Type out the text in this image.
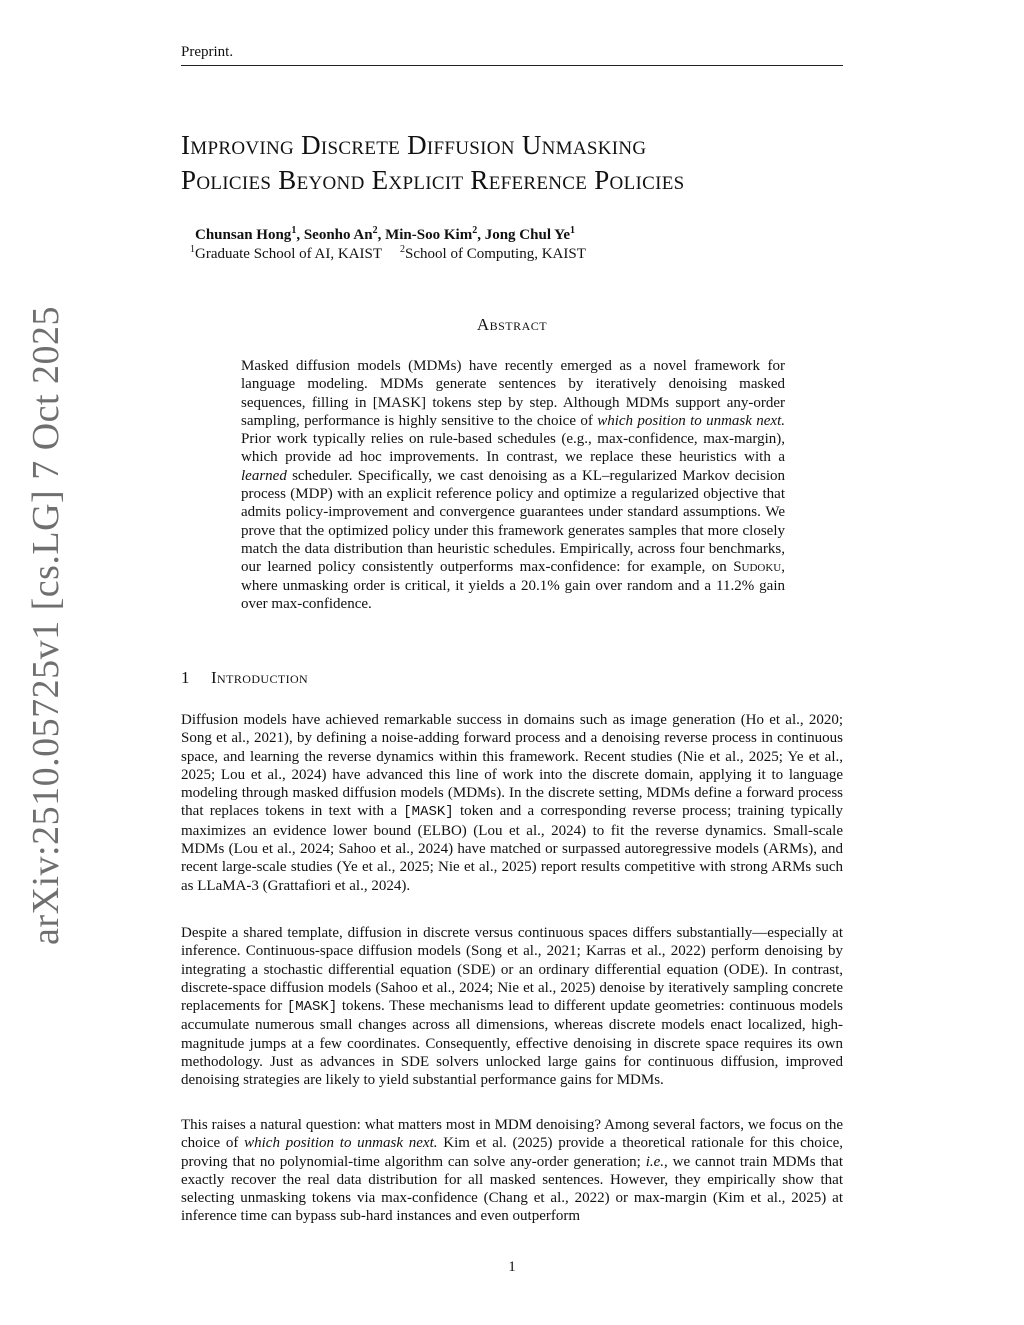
Preprint.
Improving Discrete Diffusion Unmasking
Policies Beyond Explicit Reference Policies
Chunsan Hong$^1$, Seonho An$^2$, Min-Soo Kim$^2$, Jong Chul Ye$^1$
$^1$Graduate School of AI, KAIST $^2$School of Computing, KAIST
arXiv:2510.05725v1 [cs.LG] 7 Oct 2025	Abstract
Masked diffusion models (MDMs) have recently emerged as a novel framework for language modeling. MDMs generate sentences by iteratively denoising masked sequences, filling in [MASK] tokens step by step. Although MDMs support any-order sampling, performance is highly sensitive to the choice of which position to unmask next. Prior work typically relies on rule-based schedules (e.g., max-confidence, max-margin), which provide ad hoc improvements. In contrast, we replace these heuristics with a learned scheduler. Specifically, we cast denoising as a KL–regularized Markov decision process (MDP) with an explicit reference policy and optimize a regularized objective that admits policy-improvement and convergence guarantees under standard assumptions. We prove that the optimized policy under this framework generates samples that more closely match the data distribution than heuristic schedules. Empirically, across four benchmarks, our learned policy consistently outperforms max-confidence: for example, on Sudoku, where unmasking order is critical, it yields a 20.1% gain over random and a 11.2% gain over max-confidence.
1 Introduction
Diffusion models have achieved remarkable success in domains such as image generation (Ho et al., 2020; Song et al., 2021), by defining a noise-adding forward process and a denoising reverse process in continuous space, and learning the reverse dynamics within this framework. Recent studies (Nie et al., 2025; Ye et al., 2025; Lou et al., 2024) have advanced this line of work into the discrete domain, applying it to language modeling through masked diffusion models (MDMs). In the discrete setting, MDMs define a forward process that replaces tokens in text with a [MASK] token and a corresponding reverse process; training typically maximizes an evidence lower bound (ELBO) (Lou et al., 2024) to fit the reverse dynamics. Small-scale MDMs (Lou et al., 2024; Sahoo et al., 2024) have matched or surpassed autoregressive models (ARMs), and recent large-scale studies (Ye et al., 2025; Nie et al., 2025) report results competitive with strong ARMs such as LLaMA-3 (Grattafiori et al., 2024).
Despite a shared template, diffusion in discrete versus continuous spaces differs substantially—especially at inference. Continuous-space diffusion models (Song et al., 2021; Karras et al., 2022) perform denoising by integrating a stochastic differential equation (SDE) or an ordinary differential equation (ODE). In contrast, discrete-space diffusion models (Sahoo et al., 2024; Nie et al., 2025) denoise by iteratively sampling concrete replacements for [MASK] tokens. These mechanisms lead to different update geometries: continuous models accumulate numerous small changes across all dimensions, whereas discrete models enact localized, high-magnitude jumps at a few coordinates. Consequently, effective denoising in discrete space requires its own methodology. Just as advances in SDE solvers unlocked large gains for continuous diffusion, improved denoising strategies are likely to yield substantial performance gains for MDMs.
This raises a natural question: what matters most in MDM denoising? Among several factors, we focus on the choice of which position to unmask next. Kim et al. (2025) provide a theoretical rationale for this choice, proving that no polynomial-time algorithm can solve any-order generation; i.e., we cannot train MDMs that exactly recover the real data distribution for all masked sentences. However, they empirically show that selecting unmasking tokens via max-confidence (Chang et al., 2022) or max-margin (Kim et al., 2025) at inference time can bypass sub-hard instances and even outperform
1
